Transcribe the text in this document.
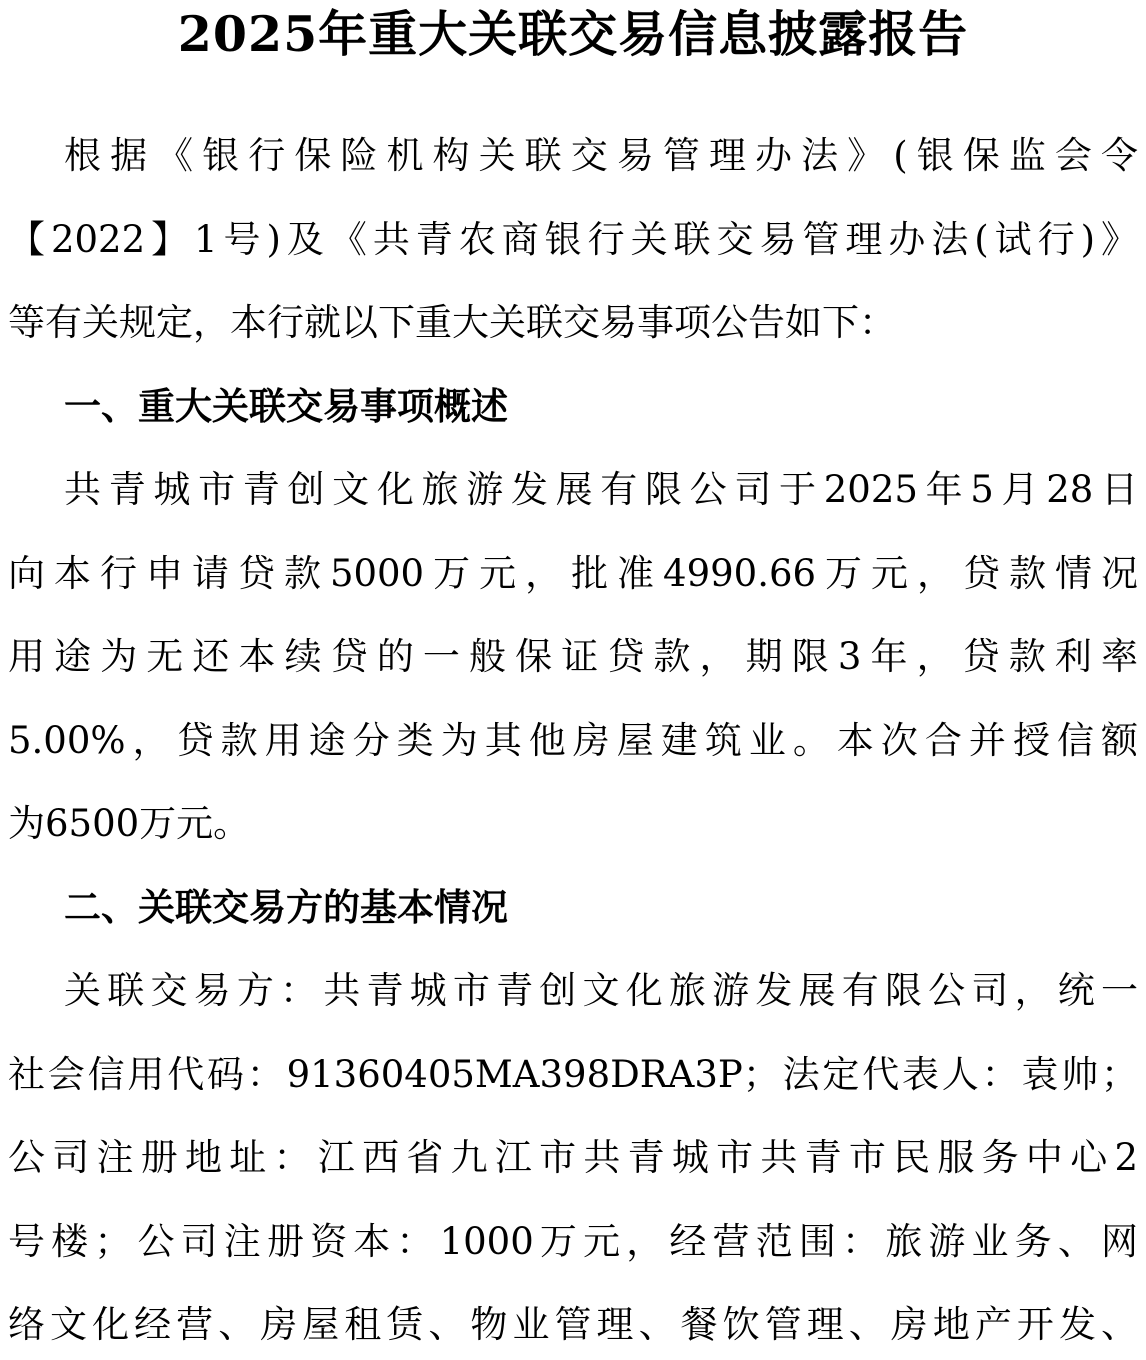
2025年重大关联交易信息披露报告
根据《银行保险机构关联交易管理办法》(银保监会令
【2022】1号)及《共青农商银行关联交易管理办法(试行)》
等有关规定，本行就以下重大关联交易事项公告如下：
一、重大关联交易事项概述
共青城市青创文化旅游发展有限公司于2025年5月28日
向本行申请贷款5000万元，批准4990.66万元，贷款情况
用途为无还本续贷的一般保证贷款，期限3年，贷款利率
5.00%，贷款用途分类为其他房屋建筑业。本次合并授信额
为6500万元。
二、关联交易方的基本情况
关联交易方：共青城市青创文化旅游发展有限公司，统一
社会信用代码：91360405MA398DRA3P；法定代表人：袁帅；
公司注册地址：江西省九江市共青城市共青市民服务中心2
号楼；公司注册资本：1000万元，经营范围：旅游业务、网
络文化经营、房屋租赁、物业管理、餐饮管理、房地产开发、
